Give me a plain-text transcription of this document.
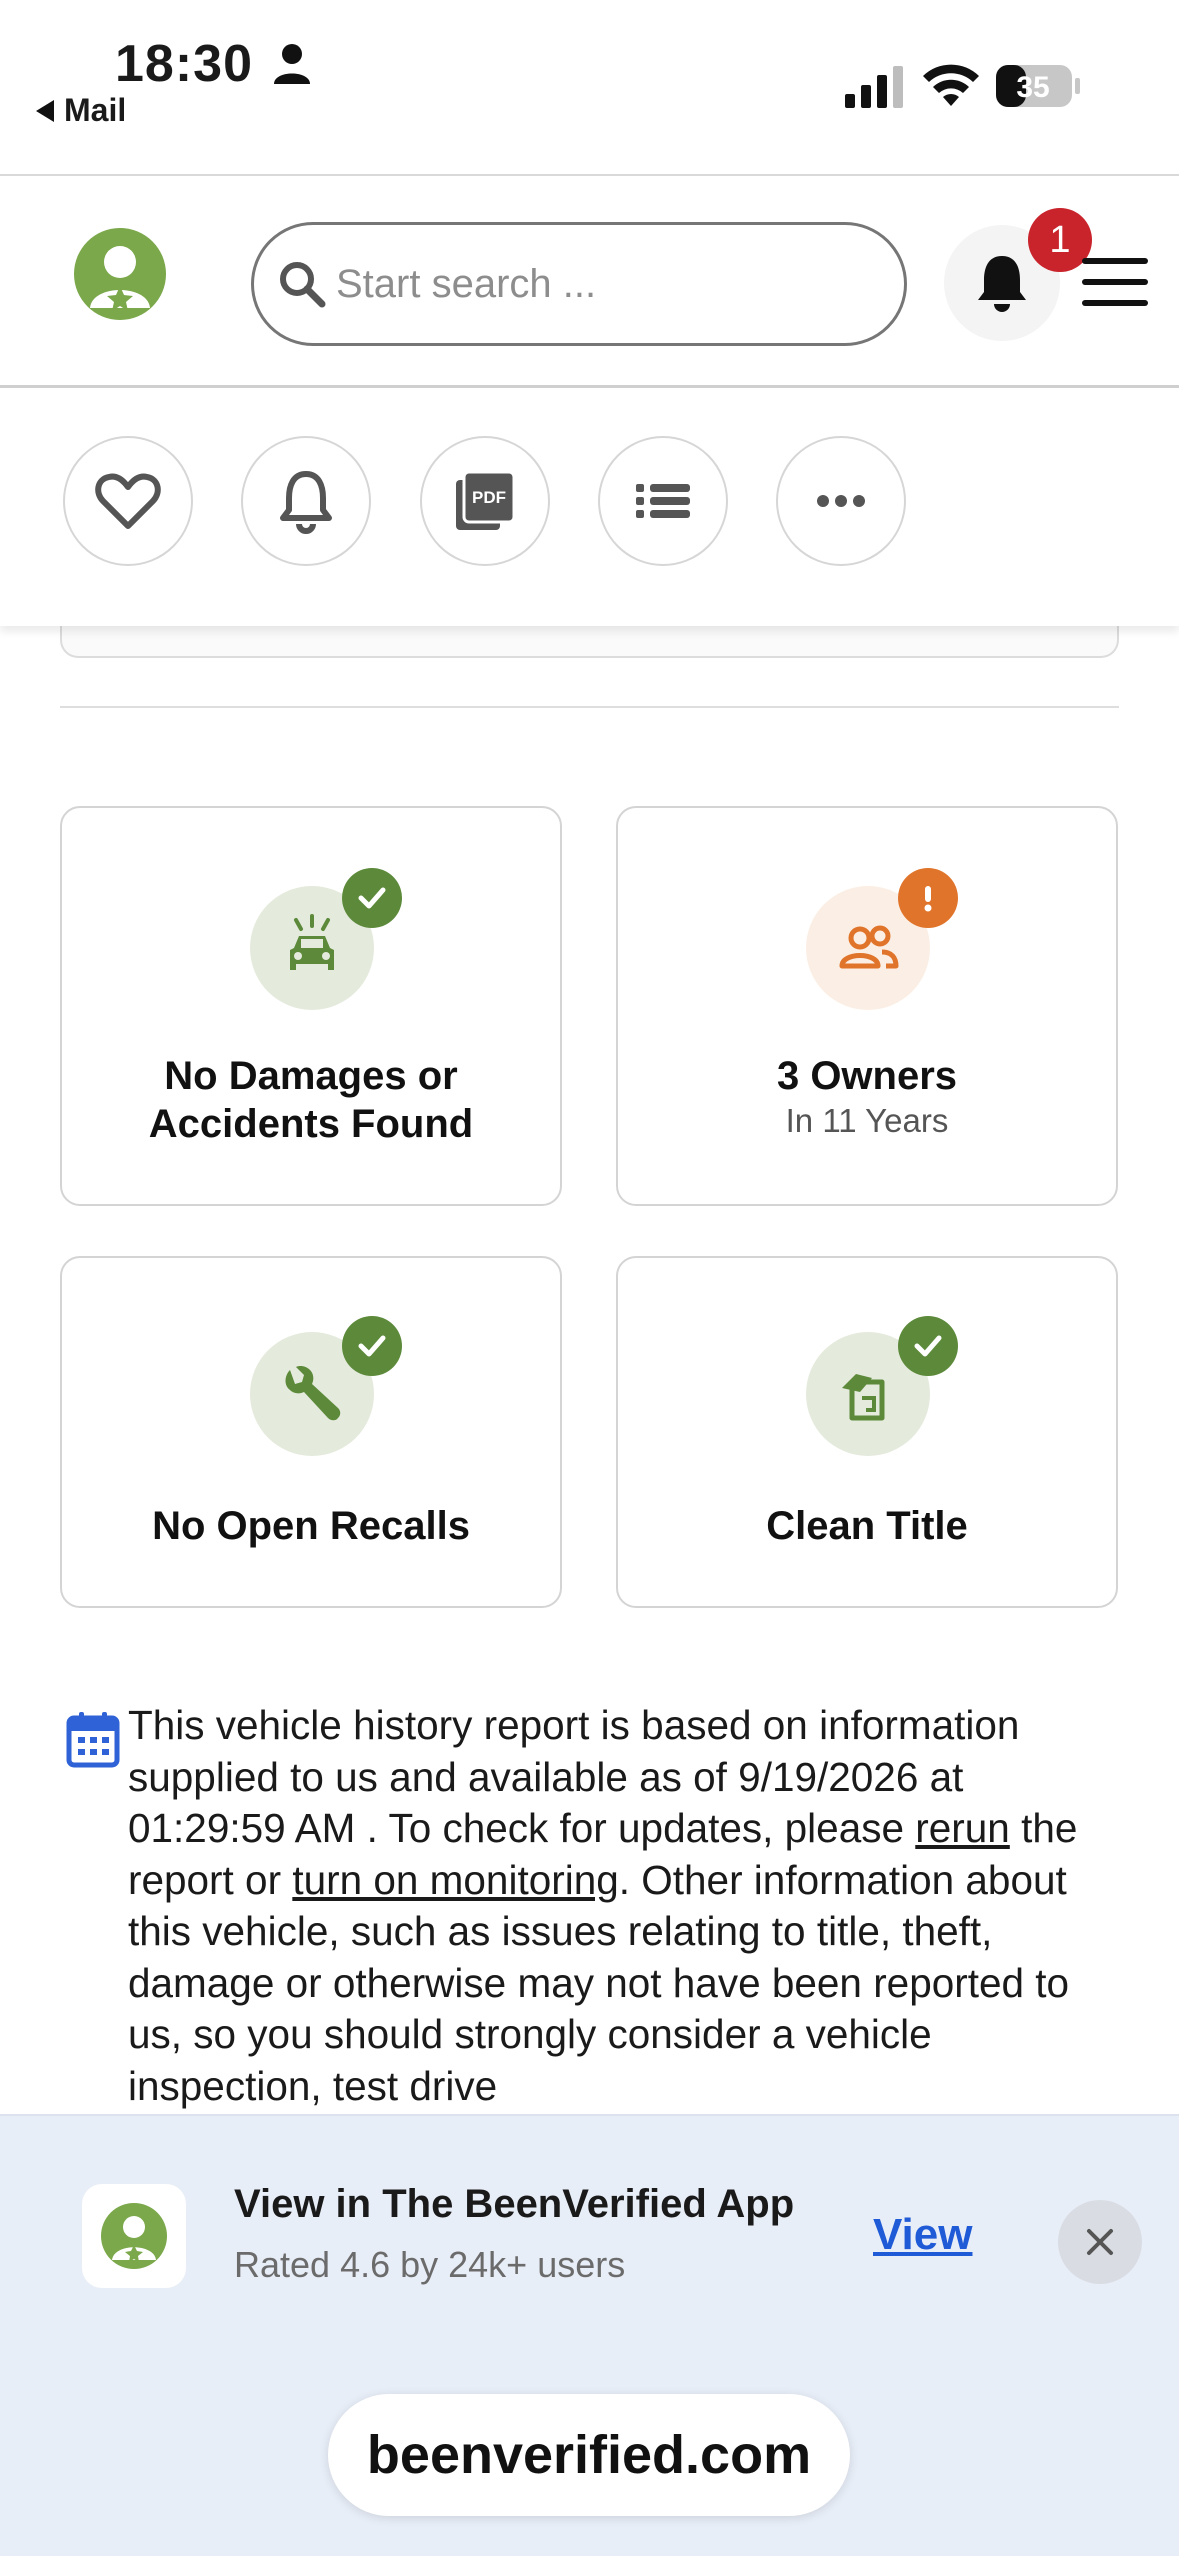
18:30
Mail
35
Start search ...
1
PDF
No Damages or
Accidents Found
3 Owners
In 11 Years
No Open Recalls	Clean Title
This vehicle history report is based on information supplied to us and available as of 9/19/2026 at 01:29:59 AM . To check for updates, please rerun the report or turn on monitoring. Other information about this vehicle, such as issues relating to title, theft, damage or otherwise may not have been reported to us, so you should strongly consider a vehicle inspection, test drive
View in The BeenVerified App
Rated 4.6 by 24k+ users
View
beenverified.com
